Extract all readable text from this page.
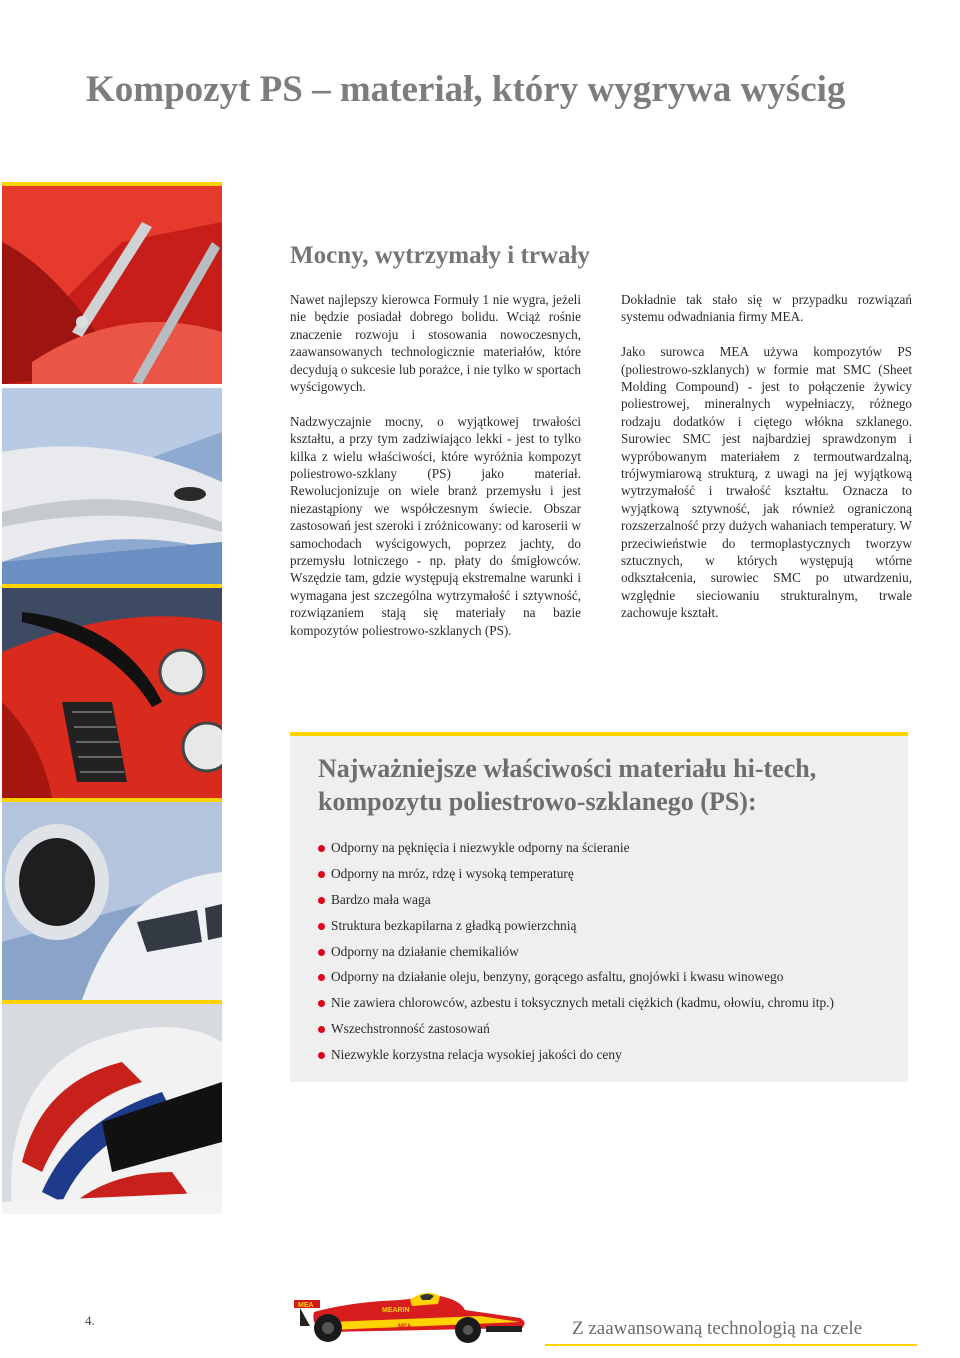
Kompozyt PS – materiał, który wygrywa wyścig
Mocny, wytrzymały i trwały

Nawet najlepszy kierowca Formuły 1 nie wygra, jeżeli nie będzie posiadał dobrego bolidu. Wciąż rośnie znaczenie rozwoju i stosowania nowoczesnych, zaawansowanych technologicznie materiałów, które decydują o sukcesie lub porażce, i nie tylko w sportach wyścigowych.

Nadzwyczajnie mocny, o wyjątkowej trwałości kształtu, a przy tym zadziwiająco lekki - jest to tylko kilka z wielu właściwości, które wyróżnia kompozyt poliestrowo-szklany (PS) jako materiał. Rewolucjonizuje on wiele branż przemysłu i jest niezastąpiony we współczesnym świecie. Obszar zastosowań jest szeroki i zróżnicowany: od karoserii w samochodach wyścigowych, poprzez jachty, do przemysłu lotniczego - np. płaty do śmigłowców. Wszędzie tam, gdzie występują ekstremalne warunki i wymagana jest szczególna wytrzymałość i sztywność, rozwiązaniem stają się materiały na bazie kompozytów poliestrowo-szklanych (PS).

Dokładnie tak stało się w przypadku rozwiązań systemu odwadniania firmy MEA.

Jako surowca MEA używa kompozytów PS (poliestrowo-szklanych) w formie mat SMC (Sheet Molding Compound) - jest to połączenie żywicy poliestrowej, mineralnych wypełniaczy, różnego rodzaju dodatków i ciętego włókna szklanego. Surowiec SMC jest najbardziej sprawdzonym i wypróbowanym materiałem z termoutwardzalną, trójwymiarową strukturą, z uwagi na jej wyjątkową wytrzymałość i trwałość kształtu. Oznacza to wyjątkową sztywność, jak również ograniczoną rozszerzalność przy dużych wahaniach temperatury. W przeciwieństwie do termoplastycznych tworzyw sztucznych, w których występują wtórne odkształcenia, surowiec SMC po utwardzeniu, względnie sieciowaniu strukturalnym, trwale zachowuje kształt.

Najważniejsze właściwości materiału hi-tech,
kompozytu poliestrowo-szklanego (PS):
Odporny na pęknięcia i niezwykle odporny na ścieranie
Odporny na mróz, rdzę i wysoką temperaturę
Bardzo mała waga
Struktura bezkapilarna z gładką powierzchnią
Odporny na działanie chemikaliów
Odporny na działanie oleju, benzyny, gorącego asfaltu, gnojówki i kwasu winowego
Nie zawiera chlorowców, azbestu i toksycznych metali ciężkich (kadmu, ołowiu, chromu itp.)
Wszechstronność zastosowań
Niezwykle korzystna relacja wysokiej jakości do ceny
4.
MEA
MEARIN
MEA	Z zaawansowaną technologią na czele
